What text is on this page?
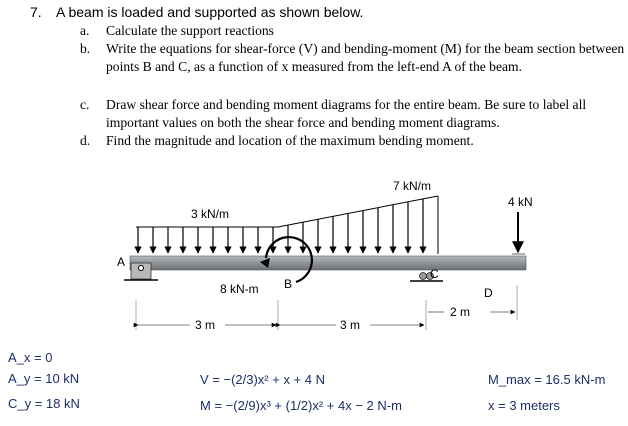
7. A beam is loaded and supported as shown below.
a. Calculate the support reactions
b. Write the equations for shear-force (V) and bending-moment (M) for the beam section between points B and C, as a function of x measured from the left-end A of the beam.
c. Draw shear force and bending moment diagrams for the entire beam. Be sure to label all important values on both the shear force and bending moment diagrams.
d. Find the magnitude and location of the maximum bending moment.
3 kN/m
7 kN/m
4 kN
8 kN-m
A
B
C
D
3 m	3 m
2 m
A_x = 0
A_y = 10 kN
C_y = 18 kN
V = −(2/3)x² + x + 4 N
M = −(2/9)x³ + (1/2)x² + 4x − 2 N-m
M_max = 16.5 kN-m
x = 3 meters
